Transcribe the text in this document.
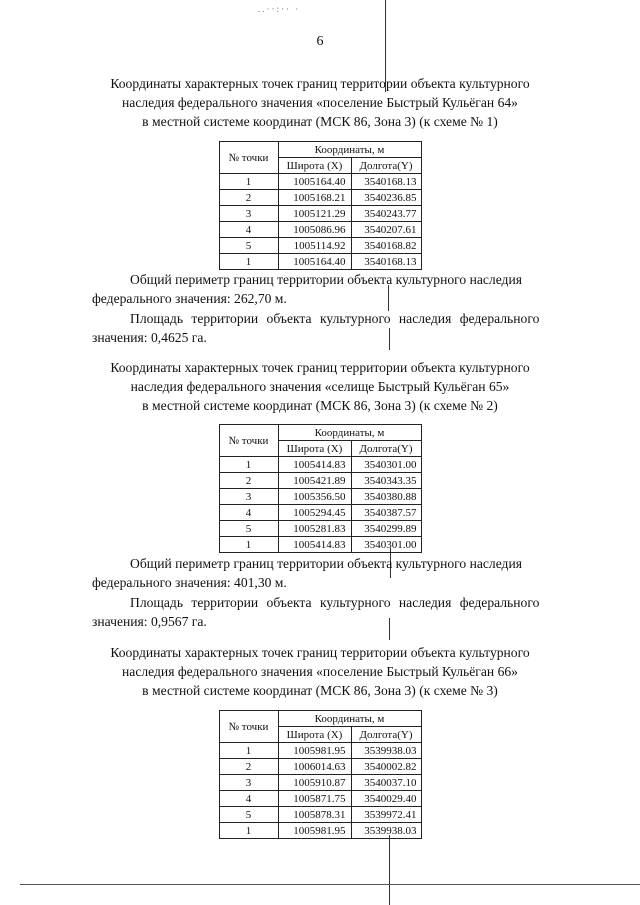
..··:·· ·
6

Координаты характерных точек границ территории объекта культурного

наследия федерального значения «поселение Быстрый Кульёган 64»

в местной системе координат (МСК 86, Зона 3) (к схеме № 1)

№ точки	Координаты, м	
	Широта (X)	Долгота(Y)
1	1005164.40	3540168.13
2	1005168.21	3540236.85
3	1005121.29	3540243.77
4	1005086.96	3540207.61
5	1005114.92	3540168.82
1	1005164.40	3540168.13
Общий периметр границ территории объекта культурного наследия
федерального значения: 262,70 м.
Площадь территории объекта культурного наследия федерального
значения: 0,4625 га.

Координаты характерных точек границ территории объекта культурного

наследия федерального значения «селище Быстрый Кульёган 65»

в местной системе координат (МСК 86, Зона 3) (к схеме № 2)

№ точки	Координаты, м	
	Широта (X)	Долгота(Y)
1	1005414.83	3540301.00
2	1005421.89	3540343.35
3	1005356.50	3540380.88
4	1005294.45	3540387.57
5	1005281.83	3540299.89
1	1005414.83	3540301.00
Общий периметр границ территории объекта культурного наследия
федерального значения: 401,30 м.
Площадь территории объекта культурного наследия федерального
значения: 0,9567 га.

Координаты характерных точек границ территории объекта культурного

наследия федерального значения «поселение Быстрый Кульёган 66»

в местной системе координат (МСК 86, Зона 3) (к схеме № 3)

№ точки	Координаты, м	
	Широта (X)	Долгота(Y)
1	1005981.95	3539938.03
2	1006014.63	3540002.82
3	1005910.87	3540037.10
4	1005871.75	3540029.40
5	1005878.31	3539972.41
1	1005981.95	3539938.03
